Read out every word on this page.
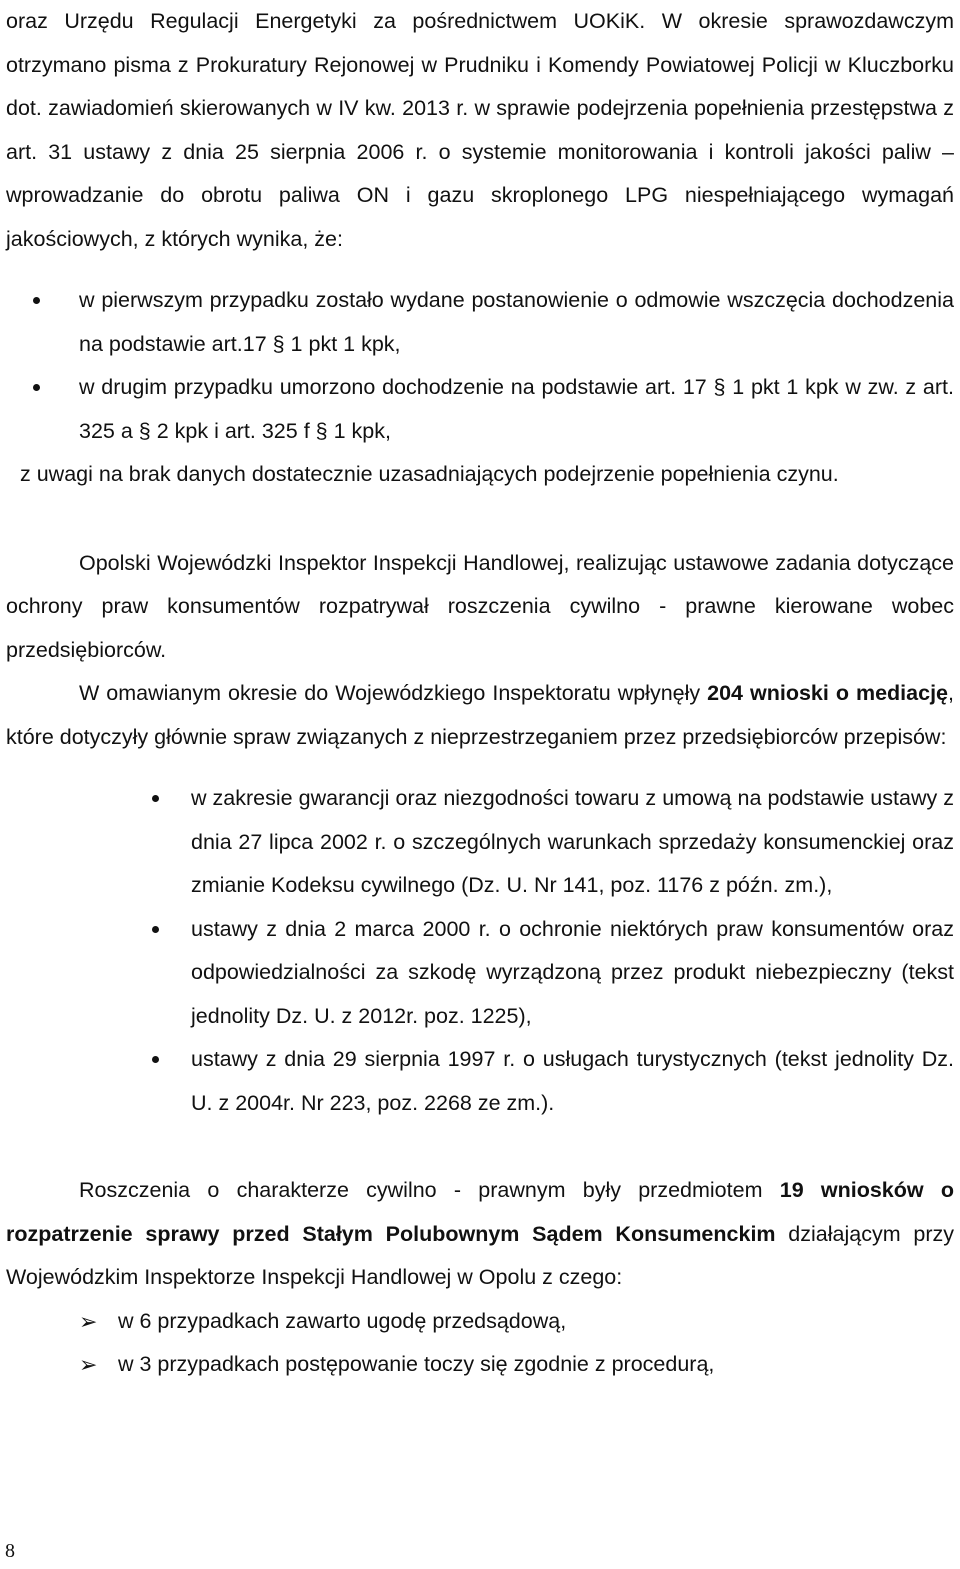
oraz Urzędu Regulacji Energetyki za pośrednictwem UOKiK. W okresie sprawozdawczym otrzymano pisma z Prokuratury Rejonowej w Prudniku i Komendy Powiatowej Policji w Kluczborku dot. zawiadomień skierowanych w IV kw. 2013 r. w sprawie podejrzenia popełnienia przestępstwa z art. 31 ustawy z dnia 25 sierpnia 2006 r. o systemie monitorowania i kontroli jakości paliw – wprowadzanie do obrotu paliwa ON i gazu skroplonego LPG niespełniającego wymagań jakościowych, z których wynika, że:

w pierwszym przypadku zostało wydane postanowienie o odmowie wszczęcia dochodzenia na podstawie art.17 § 1 pkt 1 kpk,
w drugim przypadku umorzono dochodzenie na podstawie art. 17 § 1 pkt 1 kpk w zw. z art. 325 a § 2 kpk i art. 325 f § 1 kpk,

z uwagi na brak danych dostatecznie uzasadniających podejrzenie popełnienia czynu.

Opolski Wojewódzki Inspektor Inspekcji Handlowej, realizując ustawowe zadania dotyczące ochrony praw konsumentów rozpatrywał roszczenia cywilno - prawne kierowane wobec przedsiębiorców.

W omawianym okresie do Wojewódzkiego Inspektoratu wpłynęły 204 wnioski o mediację, które dotyczyły głównie spraw związanych z nieprzestrzeganiem przez przedsiębiorców przepisów:

w zakresie gwarancji oraz niezgodności towaru z umową na podstawie ustawy z dnia 27 lipca 2002 r. o szczególnych warunkach sprzedaży konsumenckiej oraz zmianie Kodeksu cywilnego (Dz. U. Nr 141, poz. 1176 z późn. zm.),
ustawy z dnia 2 marca 2000 r. o ochronie niektórych praw konsumentów oraz odpowiedzialności za szkodę wyrządzoną przez produkt niebezpieczny (tekst jednolity Dz. U. z 2012r. poz. 1225),
ustawy z dnia 29 sierpnia 1997 r. o usługach turystycznych (tekst jednolity Dz. U. z 2004r. Nr 223, poz. 2268 ze zm.).

Roszczenia o charakterze cywilno - prawnym były przedmiotem 19 wniosków o rozpatrzenie sprawy przed Stałym Polubownym Sądem Konsumenckim działającym przy Wojewódzkim Inspektorze Inspekcji Handlowej w Opolu z czego:

➢ w 6 przypadkach zawarto ugodę przedsądową,
➢ w 3 przypadkach postępowanie toczy się zgodnie z procedurą,
8
